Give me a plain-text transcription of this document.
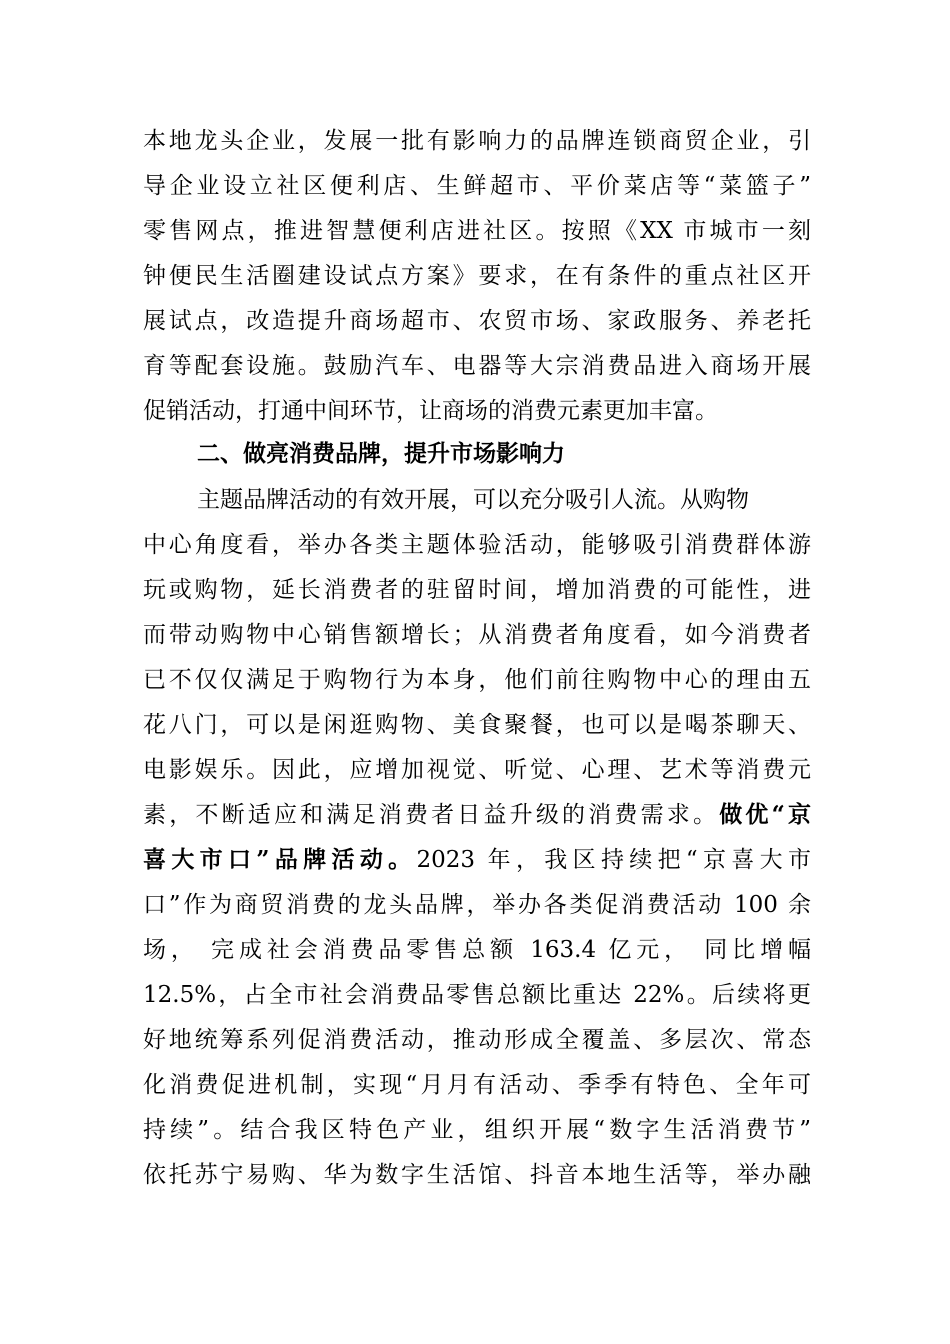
本地龙头企业，发展一批有影响力的品牌连锁商贸企业，引
导企业设立社区便利店、生鲜超市、平价菜店等“菜篮子”
零售网点，推进智慧便利店进社区。按照《XX 市城市一刻
钟便民生活圈建设试点方案》要求，在有条件的重点社区开
展试点，改造提升商场超市、农贸市场、家政服务、养老托
育等配套设施。鼓励汽车、电器等大宗消费品进入商场开展
促销活动，打通中间环节，让商场的消费元素更加丰富。
二、做亮消费品牌，提升市场影响力
主题品牌活动的有效开展，可以充分吸引人流。从购物
中心角度看，举办各类主题体验活动，能够吸引消费群体游
玩或购物，延长消费者的驻留时间，增加消费的可能性，进
而带动购物中心销售额增长；从消费者角度看，如今消费者
已不仅仅满足于购物行为本身，他们前往购物中心的理由五
花八门，可以是闲逛购物、美食聚餐，也可以是喝茶聊天、
电影娱乐。因此，应增加视觉、听觉、心理、艺术等消费元
素，不断适应和满足消费者日益升级的消费需求。做优“京
喜大市口”品牌活动。2023 年，我区持续把“京喜大市
口”作为商贸消费的龙头品牌，举办各类促消费活动 100 余
场， 完成社会消费品零售总额 163.4 亿元， 同比增幅
12.5%，占全市社会消费品零售总额比重达 22%。后续将更
好地统筹系列促消费活动，推动形成全覆盖、多层次、常态
化消费促进机制，实现“月月有活动、季季有特色、全年可
持续”。结合我区特色产业，组织开展“数字生活消费节”
依托苏宁易购、华为数字生活馆、抖音本地生活等，举办融
